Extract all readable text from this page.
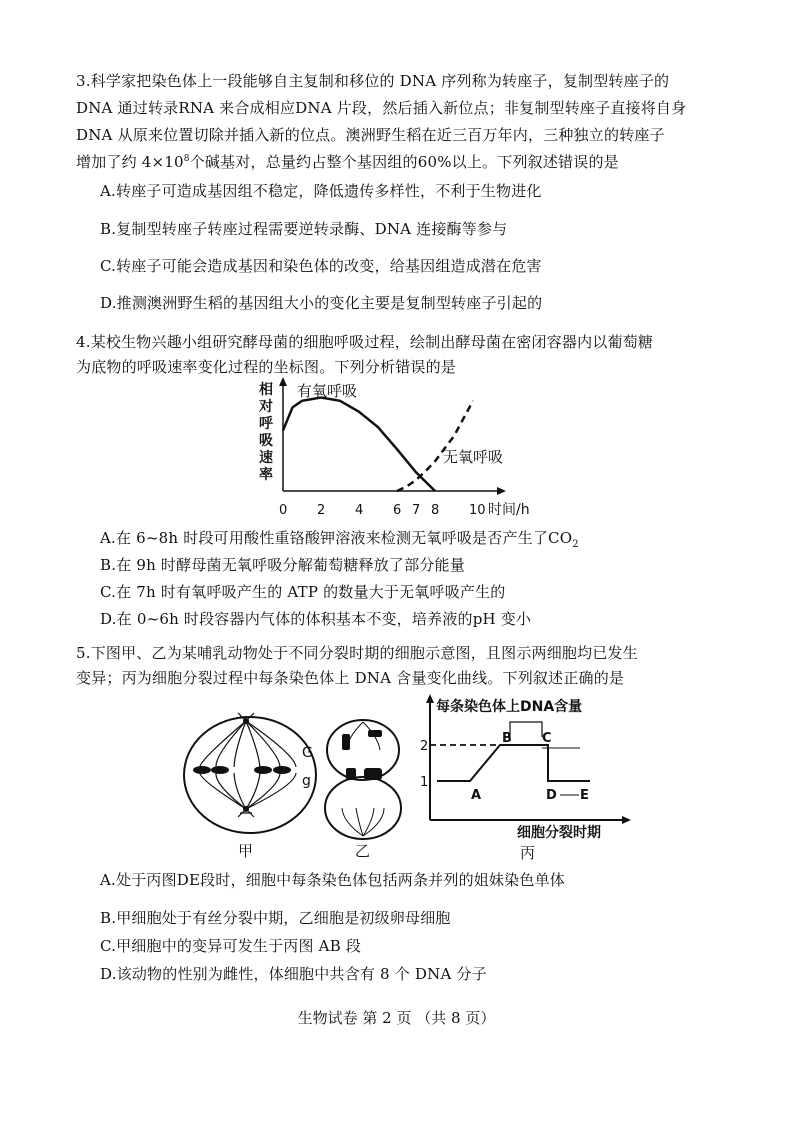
3.科学家把染色体上一段能够自主复制和移位的 DNA 序列称为转座子，复制型转座子的
DNA 通过转录RNA 来合成相应DNA 片段，然后插入新位点；非复制型转座子直接将自身
DNA 从原来位置切除并插入新的位点。澳洲野生稻在近三百万年内，三种独立的转座子
增加了约 $4\times 10^8$个碱基对，总量约占整个基因组的60%以上。下列叙述错误的是
A.转座子可造成基因组不稳定，降低遗传多样性，不利于生物进化
B.复制型转座子转座过程需要逆转录酶、DNA 连接酶等参与
C.转座子可能会造成基因和染色体的改变，给基因组造成潜在危害
D.推测澳洲野生稻的基因组大小的变化主要是复制型转座子引起的
4.某校生物兴趣小组研究酵母菌的细胞呼吸过程，绘制出酵母菌在密闭容器内以葡萄糖
为底物的呼吸速率变化过程的坐标图。下列分析错误的是
相
对
呼
吸
速
率
0 2 4 6 7 8 10
有氧呼吸
无氧呼吸
时间/h
A.在 6~8h 时段可用酸性重铬酸钾溶液来检测无氧呼吸是否产生了$CO_2$
B.在 9h 时酵母菌无氧呼吸分解葡萄糖释放了部分能量
C.在 7h 时有氧呼吸产生的 ATP 的数量大于无氧呼吸产生的
D.在 0~6h 时段容器内气体的体积基本不变，培养液的pH 变小
5.下图甲、乙为某哺乳动物处于不同分裂时期的细胞示意图，且图示两细胞均已发生
变异；丙为细胞分裂过程中每条染色体上 DNA 含量变化曲线。下列叙述正确的是
G
g
甲	乙
每条染色体上DNA含量
细胞分裂时期
2
1
A
B C
D E
丙
A.处于丙图DE段时，细胞中每条染色体包括两条并列的姐妹染色单体
B.甲细胞处于有丝分裂中期，乙细胞是初级卵母细胞
C.甲细胞中的变异可发生于丙图 AB 段
D.该动物的性别为雌性，体细胞中共含有 8 个 DNA 分子
生物试卷 第 2 页 （共 8 页）
